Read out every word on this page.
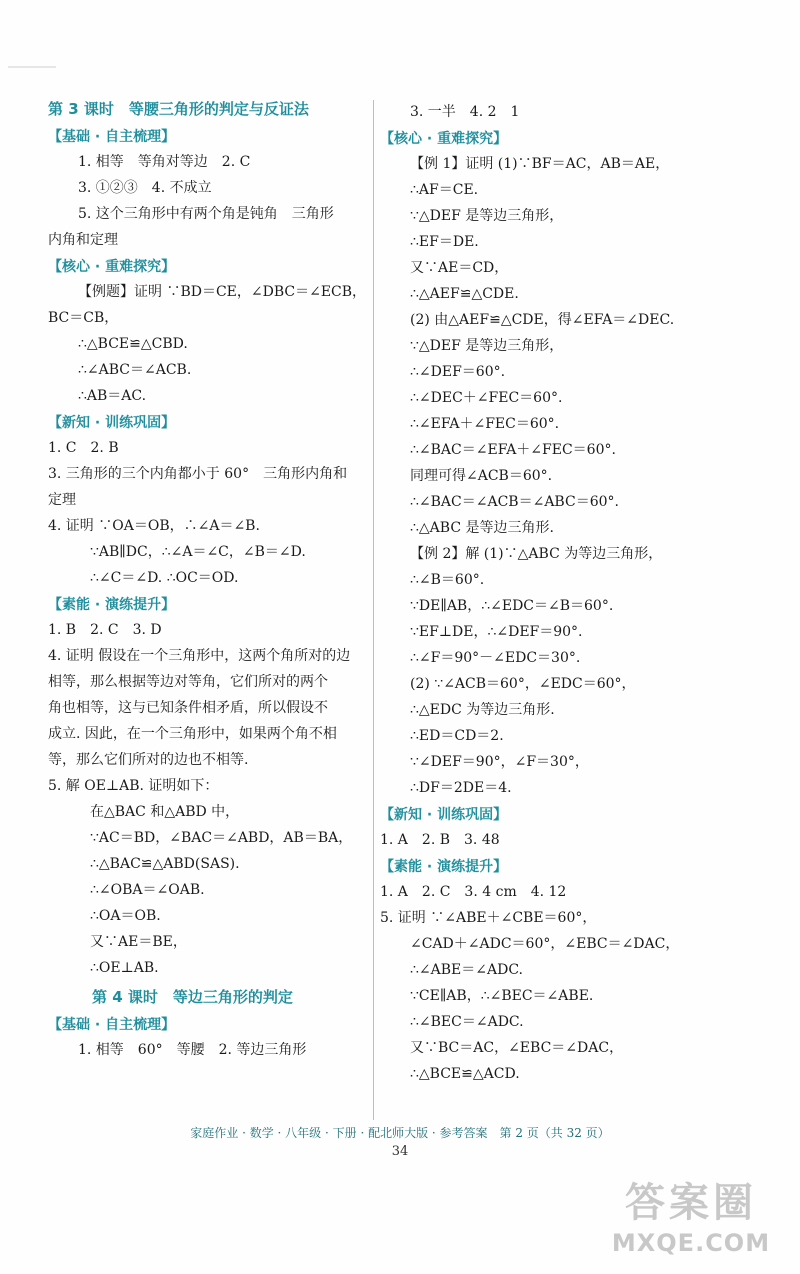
第 3 课时　等腰三角形的判定与反证法
【基础 · 自主梳理】
1. 相等　等角对等边　2. C
3. ①②③　4. 不成立
5. 这个三角形中有两个角是钝角　三角形
内角和定理
【核心 · 重难探究】
【例题】证明 ∵BD＝CE，∠DBC＝∠ECB，
BC＝CB，
∴△BCE≌△CBD.
∴∠ABC＝∠ACB.
∴AB＝AC.
【新知 · 训练巩固】
1. C　2. B
3. 三角形的三个内角都小于 60°　三角形内角和
定理
4. 证明 ∵OA＝OB，∴∠A＝∠B.
∵AB∥DC，∴∠A＝∠C，∠B＝∠D.
∴∠C＝∠D. ∴OC＝OD.
【素能 · 演练提升】
1. B　2. C　3. D
4. 证明 假设在一个三角形中，这两个角所对的边
相等，那么根据等边对等角，它们所对的两个
角也相等，这与已知条件相矛盾，所以假设不
成立. 因此，在一个三角形中，如果两个角不相
等，那么它们所对的边也不相等.
5. 解 OE⊥AB. 证明如下：
在△BAC 和△ABD 中，
∵AC＝BD，∠BAC＝∠ABD，AB＝BA，
∴△BAC≌△ABD(SAS).
∴∠OBA＝∠OAB.
∴OA＝OB.
又∵AE＝BE，
∴OE⊥AB.
第 4 课时　等边三角形的判定
【基础 · 自主梳理】
1. 相等　60°　等腰　2. 等边三角形
3. 一半　4. 2　1
【核心 · 重难探究】
【例 1】证明 (1)∵BF＝AC，AB＝AE，
∴AF＝CE.
∵△DEF 是等边三角形，
∴EF＝DE.
又∵AE＝CD，
∴△AEF≌△CDE.
(2) 由△AEF≌△CDE，得∠EFA＝∠DEC.
∵△DEF 是等边三角形，
∴∠DEF＝60°.
∴∠DEC＋∠FEC＝60°.
∴∠EFA＋∠FEC＝60°.
∴∠BAC＝∠EFA＋∠FEC＝60°.
同理可得∠ACB＝60°.
∴∠BAC＝∠ACB＝∠ABC＝60°.
∴△ABC 是等边三角形.
【例 2】解 (1)∵△ABC 为等边三角形，
∴∠B＝60°.
∵DE∥AB，∴∠EDC＝∠B＝60°.
∵EF⊥DE，∴∠DEF＝90°.
∴∠F＝90°－∠EDC＝30°.
(2) ∵∠ACB＝60°，∠EDC＝60°，
∴△EDC 为等边三角形.
∴ED＝CD＝2.
∵∠DEF＝90°，∠F＝30°，
∴DF＝2DE＝4.
【新知 · 训练巩固】
1. A　2. B　3. 48
【素能 · 演练提升】
1. A　2. C　3. 4 cm　4. 12
5. 证明 ∵∠ABE＋∠CBE＝60°，
∠CAD＋∠ADC＝60°，∠EBC＝∠DAC，
∴∠ABE＝∠ADC.
∵CE∥AB，∴∠BEC＝∠ABE.
∴∠BEC＝∠ADC.
又∵BC＝AC，∠EBC＝∠DAC，
∴△BCE≌△ACD.
家庭作业 · 数学 · 八年级 · 下册 · 配北师大版 · 参考答案　第 2 页（共 32 页）
34
答案圈
MXQE.COM
